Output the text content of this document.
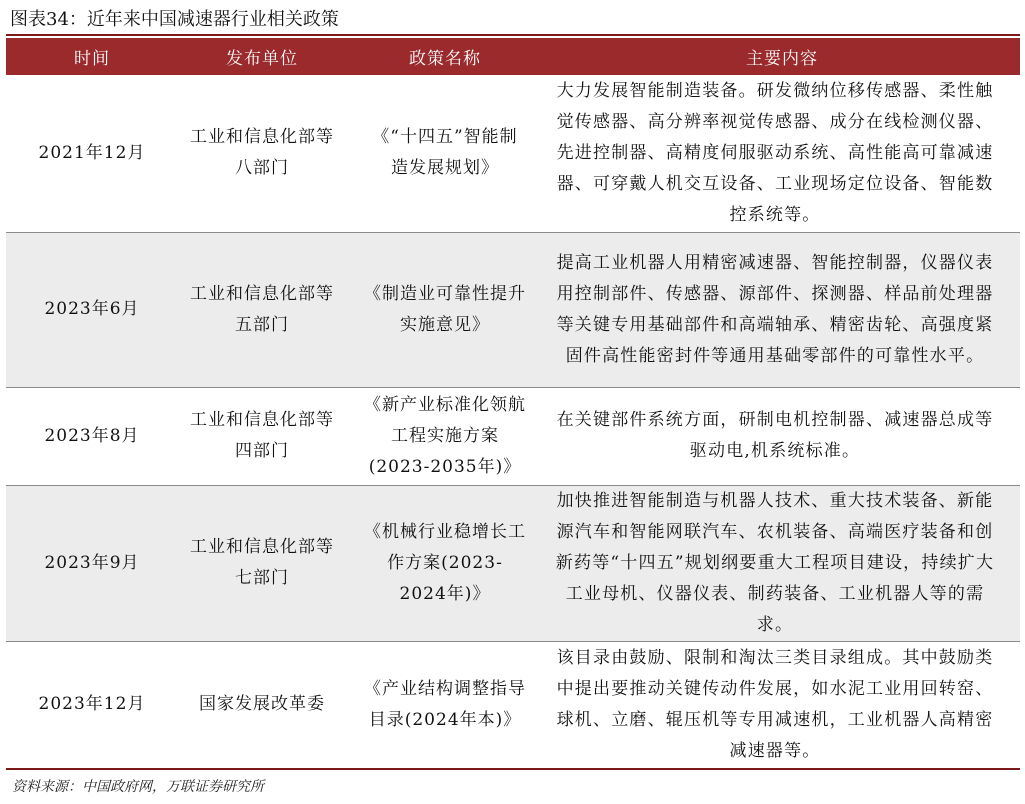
图表34：近年来中国减速器行业相关政策
时间	发布单位	政策名称	主要内容
2021年12月	工业和信息化部等八部门	《“十四五”智能制造发展规划》	大力发展智能制造装备。研发微纳位移传感器、柔性触觉传感器、高分辨率视觉传感器、成分在线检测仪器、先进控制器、高精度伺服驱动系统、高性能高可靠减速器、可穿戴人机交互设备、工业现场定位设备、智能数控系统等。
2023年6月	工业和信息化部等五部门	《制造业可靠性提升实施意见》	提高工业机器人用精密减速器、智能控制器，仪器仪表用控制部件、传感器、源部件、探测器、样品前处理器等关键专用基础部件和高端轴承、精密齿轮、高强度紧固件高性能密封件等通用基础零部件的可靠性水平。
2023年8月	工业和信息化部等四部门	《新产业标准化领航工程实施方案(2023-2035年)》	在关键部件系统方面，研制电机控制器、减速器总成等驱动电,机系统标准。
2023年9月	工业和信息化部等七部门	《机械行业稳增长工作方案(2023-2024年)》	加快推进智能制造与机器人技术、重大技术装备、新能源汽车和智能网联汽车、农机装备、高端医疗装备和创新药等“十四五”规划纲要重大工程项目建设，持续扩大工业母机、仪器仪表、制药装备、工业机器人等的需求。
2023年12月	国家发展改革委	《产业结构调整指导目录(2024年本)》	该目录由鼓励、限制和淘汰三类目录组成。其中鼓励类中提出要推动关键传动件发展，如水泥工业用回转窑、球机、立磨、辊压机等专用减速机，工业机器人高精密减速器等。
资料来源：中国政府网，万联证券研究所
